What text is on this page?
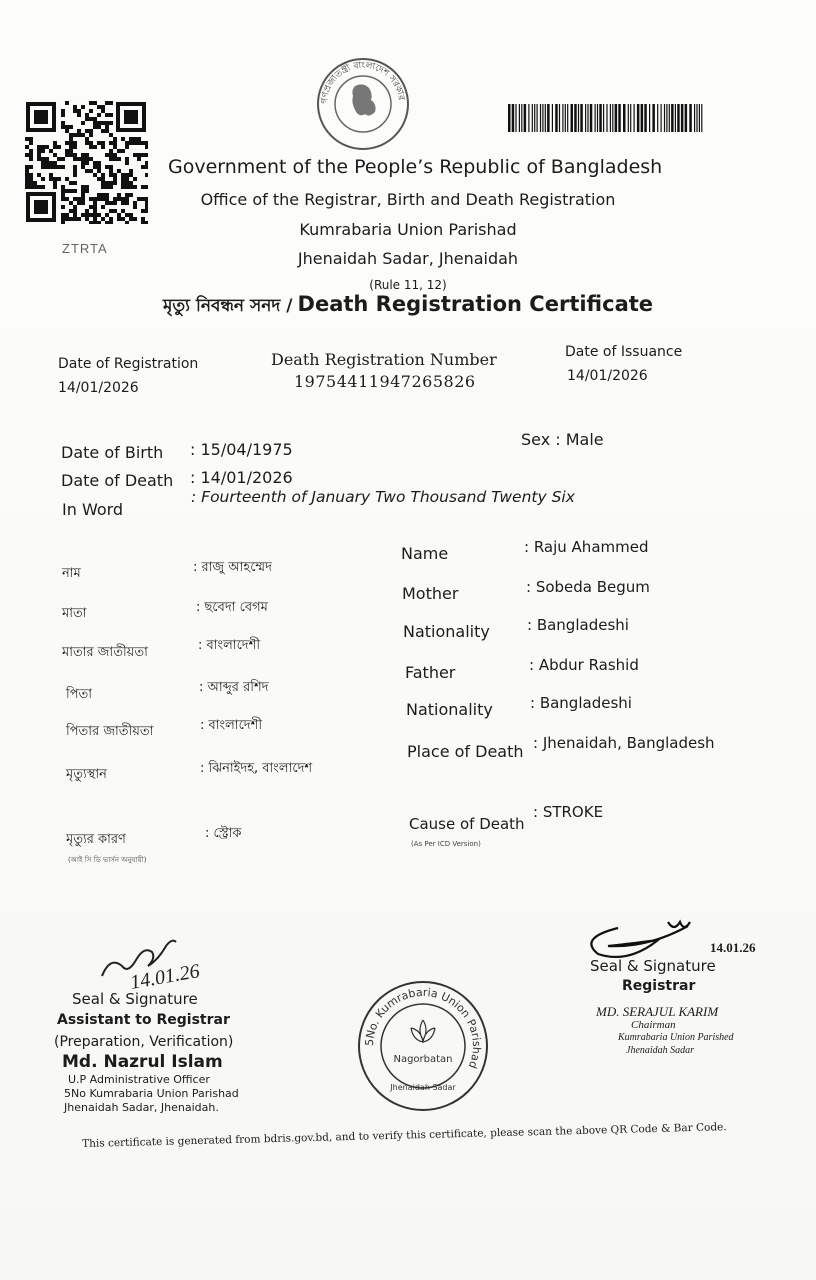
ZTRTA
গণপ্রজাতন্ত্রী বাংলাদেশ সরকার
Government of the People’s Republic of Bangladesh
Office of the Registrar, Birth and Death Registration
Kumrabaria Union Parishad
Jhenaidah Sadar, Jhenaidah
(Rule 11, 12)
মৃত্যু নিবন্ধন সনদ / Death Registration Certificate
Date of Registration
14/01/2026
Death Registration Number
19754411947265826
Date of Issuance
14/01/2026
Date of Birth : 15/04/1975
Sex : Male
Date of Death : 14/01/2026
In Word
: Fourteenth of January Two Thousand Twenty Six
নাম	: রাজু আহম্মেদ
মাতা	: ছবেদা বেগম
মাতার জাতীয়তা	: বাংলাদেশী
পিতা	: আব্দুর রশিদ
পিতার জাতীয়তা	: বাংলাদেশী
মৃত্যুস্থান	: ঝিনাইদহ, বাংলাদেশ
মৃত্যুর কারণ
(আই সি ডি ভার্সন অনুযায়ী)
: স্ট্রোক
Name	: Raju Ahammed
Mother	: Sobeda Begum
Nationality : Bangladeshi
Father	: Abdur Rashid
Nationality : Bangladeshi
Place of Death : Jhenaidah, Bangladesh
Cause of Death
(As Per ICD Version)
: STROKE
14.01.26
Seal & Signature
Assistant to Registrar
(Preparation, Verification)
Md. Nazrul Islam
U.P Administrative Officer
5No Kumrabaria Union Parishad
Jhenaidah Sadar, Jhenaidah.
5No. Kumrabaria Union Parishad
Nagorbatan
Jhenaidah Sadar
14.01.26
Seal & Signature
Registrar
MD. SERAJUL KARIM
Chairman
Kumrabaria Union Parished
Jhenaidah Sadar
This certificate is generated from bdris.gov.bd, and to verify this certificate, please scan the above QR Code & Bar Code.
